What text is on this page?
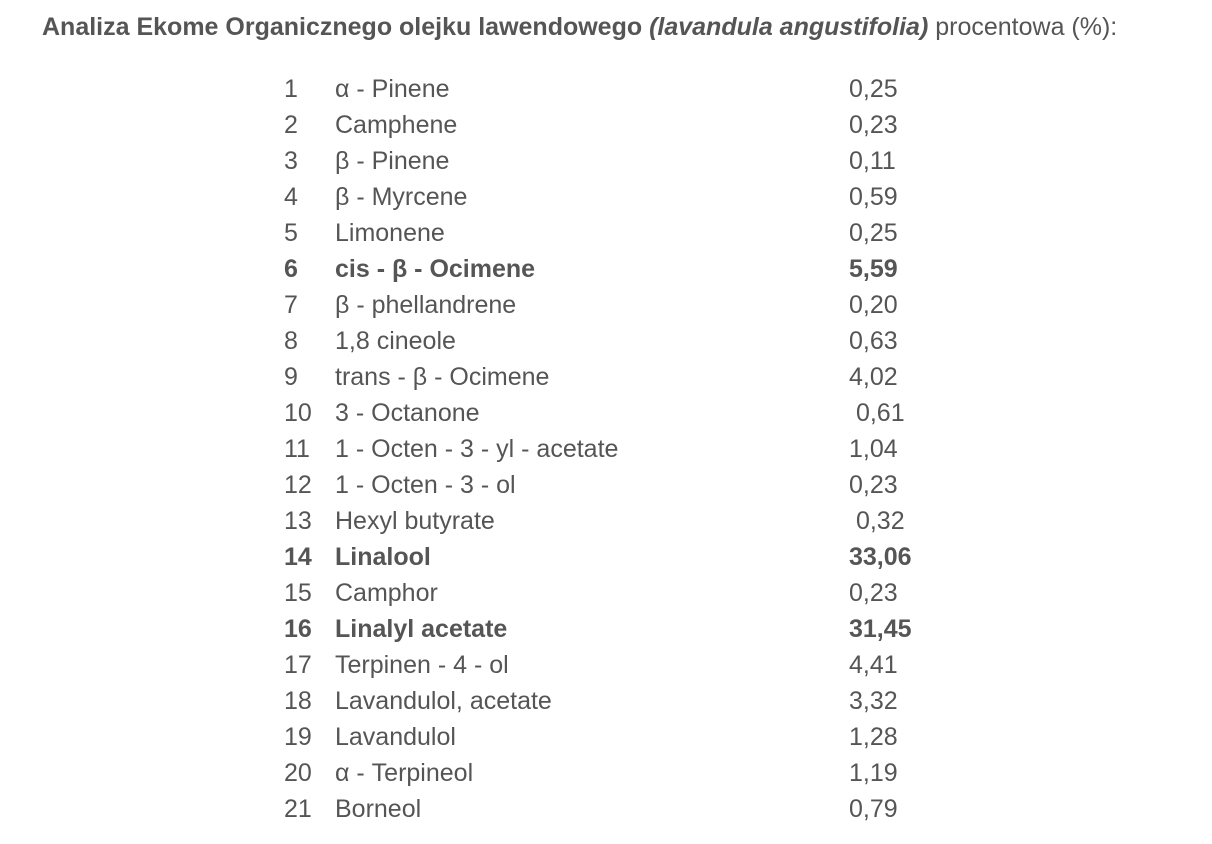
Analiza Ekome Organicznego olejku lawendowego (lavandula angustifolia) procentowa (%):
1 α - Pinene	0,25
2 Camphene	0,23
3 β - Pinene	0,11
4 β - Myrcene	0,59
5 Limonene	0,25
6 cis - β - Ocimene	5,59
7 β - phellandrene	0,20
8 1,8 cineole	0,63
9 trans - β - Ocimene	4,02
10 3 - Octanone	0,61
11 1 - Octen - 3 - yl - acetate	1,04
12 1 - Octen - 3 - ol	0,23
13 Hexyl butyrate	0,32
14 Linalool	33,06
15 Camphor	0,23
16 Linalyl acetate	31,45
17 Terpinen - 4 - ol	4,41
18 Lavandulol, acetate	3,32
19 Lavandulol	1,28
20 α - Terpineol	1,19
21 Borneol	0,79
